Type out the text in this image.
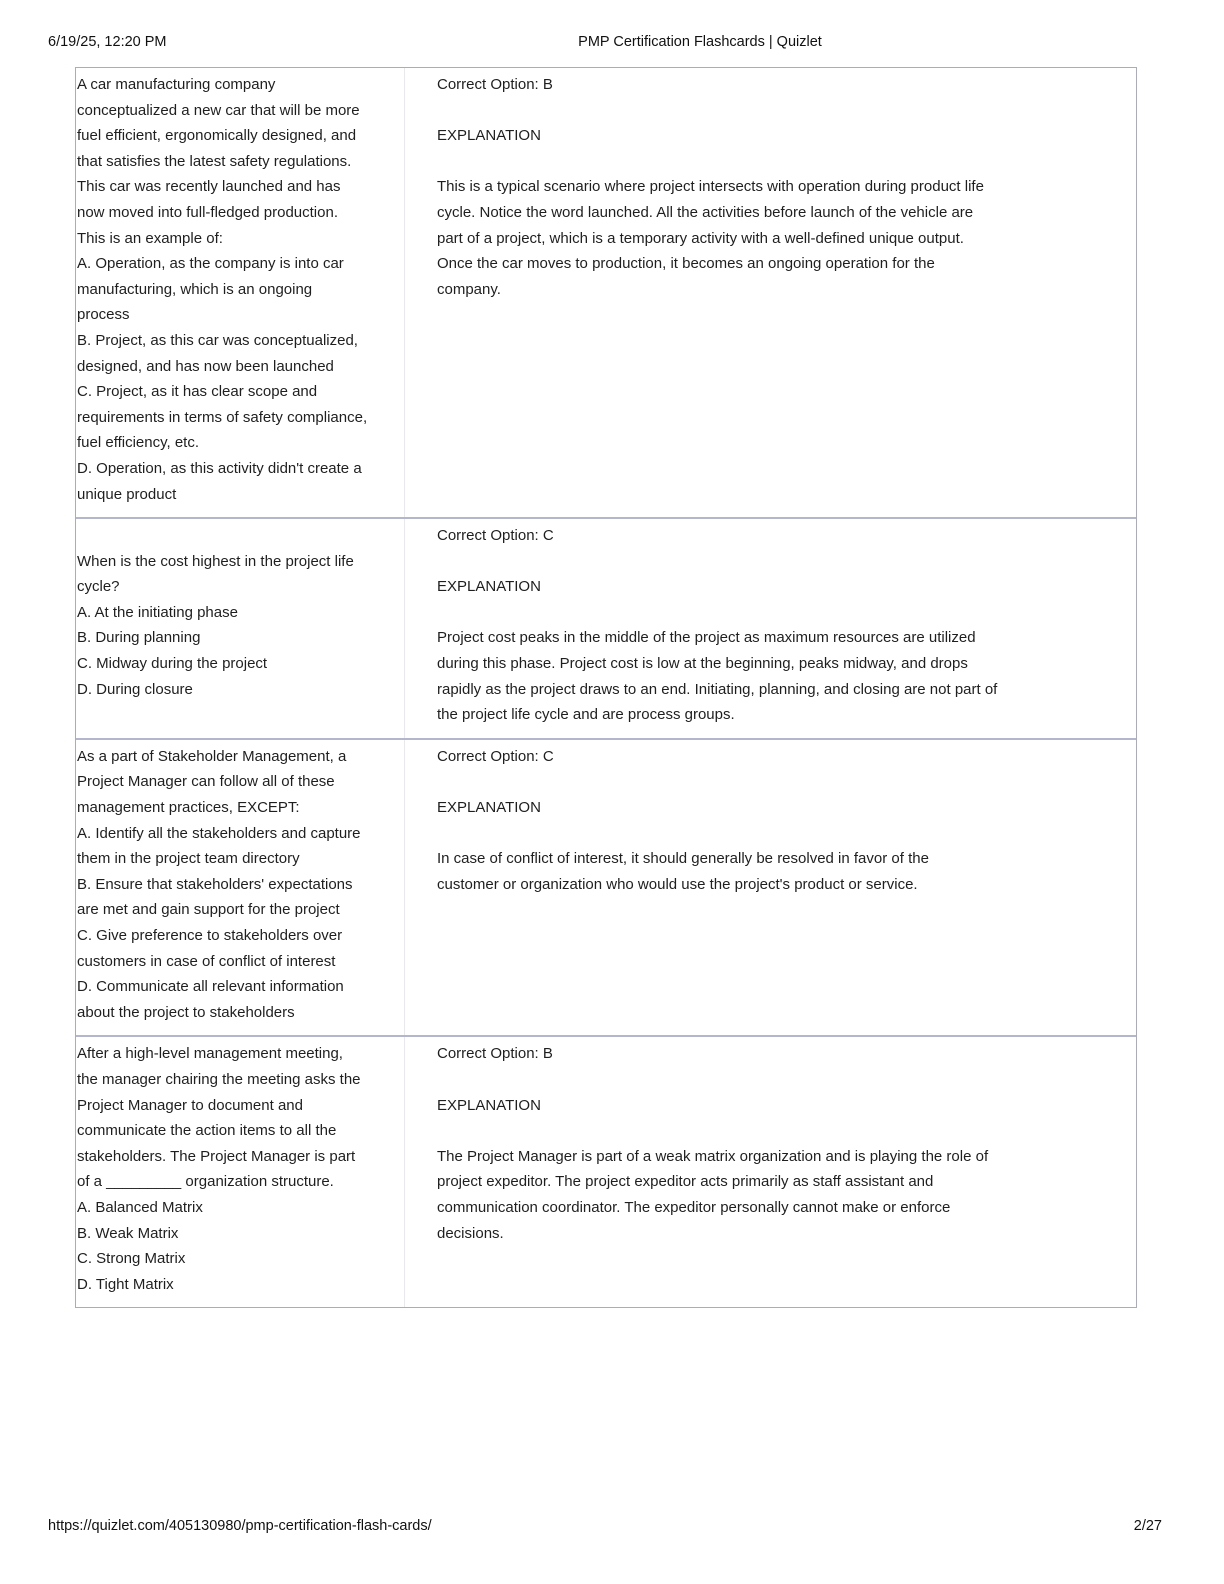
6/19/25, 12:20 PM	PMP Certification Flashcards | Quizlet
A car manufacturing company
conceptualized a new car that will be more
fuel efficient, ergonomically designed, and
that satisfies the latest safety regulations.
This car was recently launched and has
now moved into full-fledged production.
This is an example of:
A. Operation, as the company is into car
manufacturing, which is an ongoing
process
B. Project, as this car was conceptualized,
designed, and has now been launched
C. Project, as it has clear scope and
requirements in terms of safety compliance,
fuel efficiency, etc.
D. Operation, as this activity didn't create a
unique product
Correct Option: B
EXPLANATION
This is a typical scenario where project intersects with operation during product life
cycle. Notice the word launched. All the activities before launch of the vehicle are
part of a project, which is a temporary activity with a well-defined unique output.
Once the car moves to production, it becomes an ongoing operation for the
company.
When is the cost highest in the project life
cycle?
A. At the initiating phase
B. During planning
C. Midway during the project
D. During closure
Correct Option: C
EXPLANATION
Project cost peaks in the middle of the project as maximum resources are utilized
during this phase. Project cost is low at the beginning, peaks midway, and drops
rapidly as the project draws to an end. Initiating, planning, and closing are not part of
the project life cycle and are process groups.
As a part of Stakeholder Management, a
Project Manager can follow all of these
management practices, EXCEPT:
A. Identify all the stakeholders and capture
them in the project team directory
B. Ensure that stakeholders' expectations
are met and gain support for the project
C. Give preference to stakeholders over
customers in case of conflict of interest
D. Communicate all relevant information
about the project to stakeholders
Correct Option: C
EXPLANATION
In case of conflict of interest, it should generally be resolved in favor of the
customer or organization who would use the project's product or service.
After a high-level management meeting,
the manager chairing the meeting asks the
Project Manager to document and
communicate the action items to all the
stakeholders. The Project Manager is part
of a _________ organization structure.
A. Balanced Matrix
B. Weak Matrix
C. Strong Matrix
D. Tight Matrix
Correct Option: B
EXPLANATION
The Project Manager is part of a weak matrix organization and is playing the role of
project expeditor. The project expeditor acts primarily as staff assistant and
communication coordinator. The expeditor personally cannot make or enforce
decisions.
https://quizlet.com/405130980/pmp-certification-flash-cards/	2/27
